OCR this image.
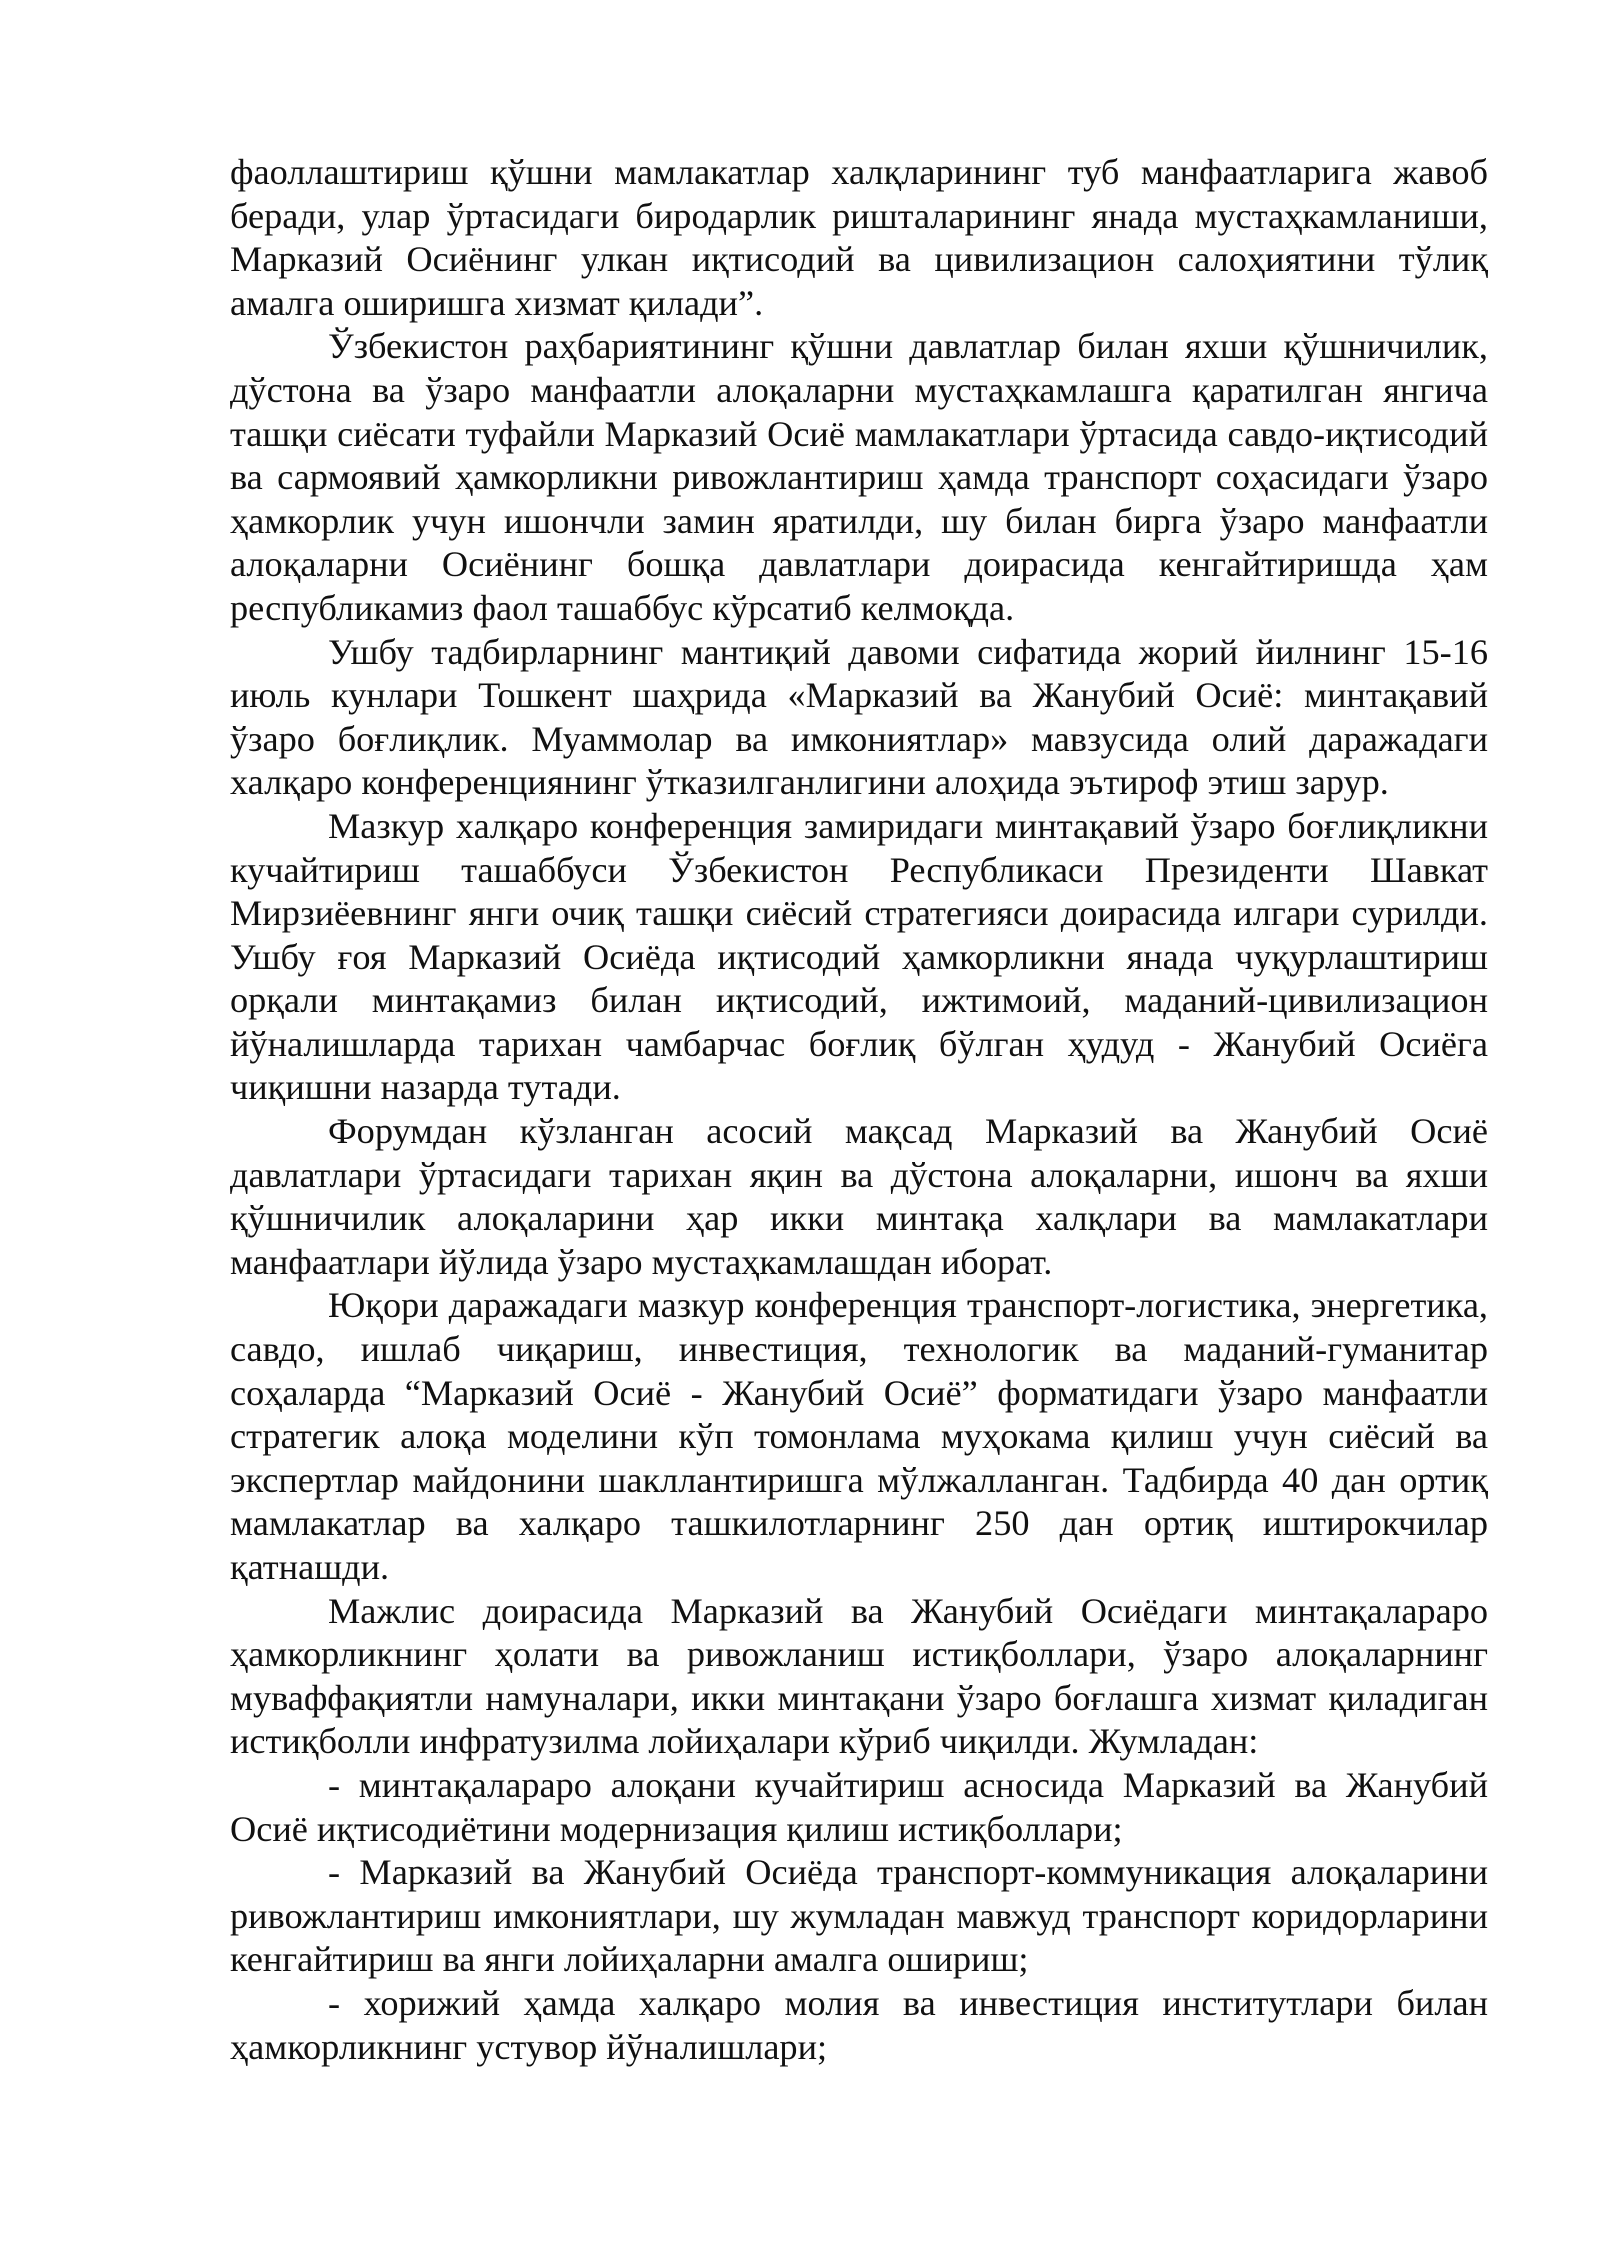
фаоллаштириш қўшни мамлакатлар халқларининг туб манфаатларига жавоб беради, улар ўртасидаги биродарлик ришталарининг янада мустаҳкамланиши, Марказий Осиёнинг улкан иқтисодий ва цивилизацион салоҳиятини тўлиқ амалга оширишга хизмат қилади”.

Ўзбекистон раҳбариятининг қўшни давлатлар билан яхши қўшничилик, дўстона ва ўзаро манфаатли алоқаларни мустаҳкамлашга қаратилган янгича ташқи сиёсати туфайли Марказий Осиё мамлакатлари ўртасида савдо-иқтисодий ва сармоявий ҳамкорликни ривожлантириш ҳамда транспорт соҳасидаги ўзаро ҳамкорлик учун ишончли замин яратилди, шу билан бирга ўзаро манфаатли алоқаларни Осиёнинг бошқа давлатлари доирасида кенгайтиришда ҳам республикамиз фаол ташаббус кўрсатиб келмоқда.

Ушбу тадбирларнинг мантиқий давоми сифатида жорий йилнинг 15-16 июль кунлари Тошкент шаҳрида «Марказий ва Жанубий Осиё: минтақавий ўзаро боғлиқлик. Муаммолар ва имкониятлар» мавзусида олий даражадаги халқаро конференциянинг ўтказилганлигини алоҳида эътироф этиш зарур.

Мазкур халқаро конференция замиридаги минтақавий ўзаро боғлиқликни кучайтириш ташаббуси Ўзбекистон Республикаси Президенти Шавкат Мирзиёевнинг янги очиқ ташқи сиёсий стратегияси доирасида илгари сурилди. Ушбу ғоя Марказий Осиёда иқтисодий ҳамкорликни янада чуқурлаштириш орқали минтақамиз билан иқтисодий, ижтимоий, маданий-цивилизацион йўналишларда тарихан чамбарчас боғлиқ бўлган ҳудуд - Жанубий Осиёга чиқишни назарда тутади.

Форумдан кўзланган асосий мақсад Марказий ва Жанубий Осиё давлатлари ўртасидаги тарихан яқин ва дўстона алоқаларни, ишонч ва яхши қўшничилик алоқаларини ҳар икки минтақа халқлари ва мамлакатлари манфаатлари йўлида ўзаро мустаҳкамлашдан иборат.

Юқори даражадаги мазкур конференция транспорт-логистика, энергетика, савдо, ишлаб чиқариш, инвестиция, технологик ва маданий-гуманитар соҳаларда “Марказий Осиё - Жанубий Осиё” форматидаги ўзаро манфаатли стратегик алоқа моделини кўп томонлама муҳокама қилиш учун сиёсий ва экспертлар майдонини шакллантиришга мўлжалланган. Тадбирда 40 дан ортиқ мамлакатлар ва халқаро ташкилотларнинг 250 дан ортиқ иштирокчилар қатнашди.

Мажлис доирасида Марказий ва Жанубий Осиёдаги минтақалараро ҳамкорликнинг ҳолати ва ривожланиш истиқболлари, ўзаро алоқаларнинг муваффақиятли намуналари, икки минтақани ўзаро боғлашга хизмат қиладиган истиқболли инфратузилма лойиҳалари кўриб чиқилди. Жумладан:

- минтақалараро алоқани кучайтириш асносида Марказий ва Жанубий Осиё иқтисодиётини модернизация қилиш истиқболлари;

- Марказий ва Жанубий Осиёда транспорт-коммуникация алоқаларини ривожлантириш имкониятлари, шу жумладан мавжуд транспорт коридорларини кенгайтириш ва янги лойиҳаларни амалга ошириш;

- хорижий ҳамда халқаро молия ва инвестиция институтлари билан ҳамкорликнинг устувор йўналишлари;
